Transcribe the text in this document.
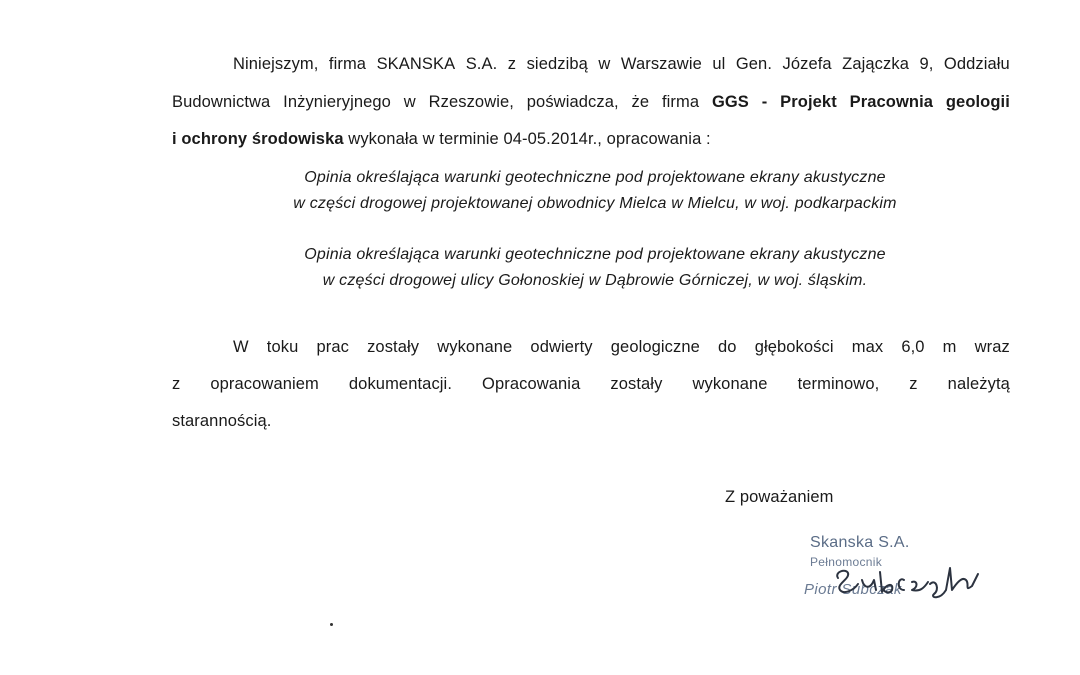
Niniejszym, firma SKANSKA S.A. z siedzibą w Warszawie ul Gen. Józefa Zajączka 9, Oddziału
Budownictwa Inżynieryjnego w Rzeszowie, poświadcza, że firma GGS - Projekt Pracownia geologii
i ochrony środowiska wykonała w terminie 04-05.2014r., opracowania :
Opinia określająca warunki geotechniczne pod projektowane ekrany akustyczne
w części drogowej projektowanej obwodnicy Mielca w Mielcu, w woj. podkarpackim
Opinia określająca warunki geotechniczne pod projektowane ekrany akustyczne
w części drogowej ulicy Gołonoskiej w Dąbrowie Górniczej, w woj. śląskim.
W toku prac zostały wykonane odwierty geologiczne do głębokości max 6,0 m wraz
z opracowaniem dokumentacji. Opracowania zostały wykonane terminowo, z należytą
starannością.
Z poważaniem
Skanska S.A.
Pełnomocnik
Piotr Subczak
